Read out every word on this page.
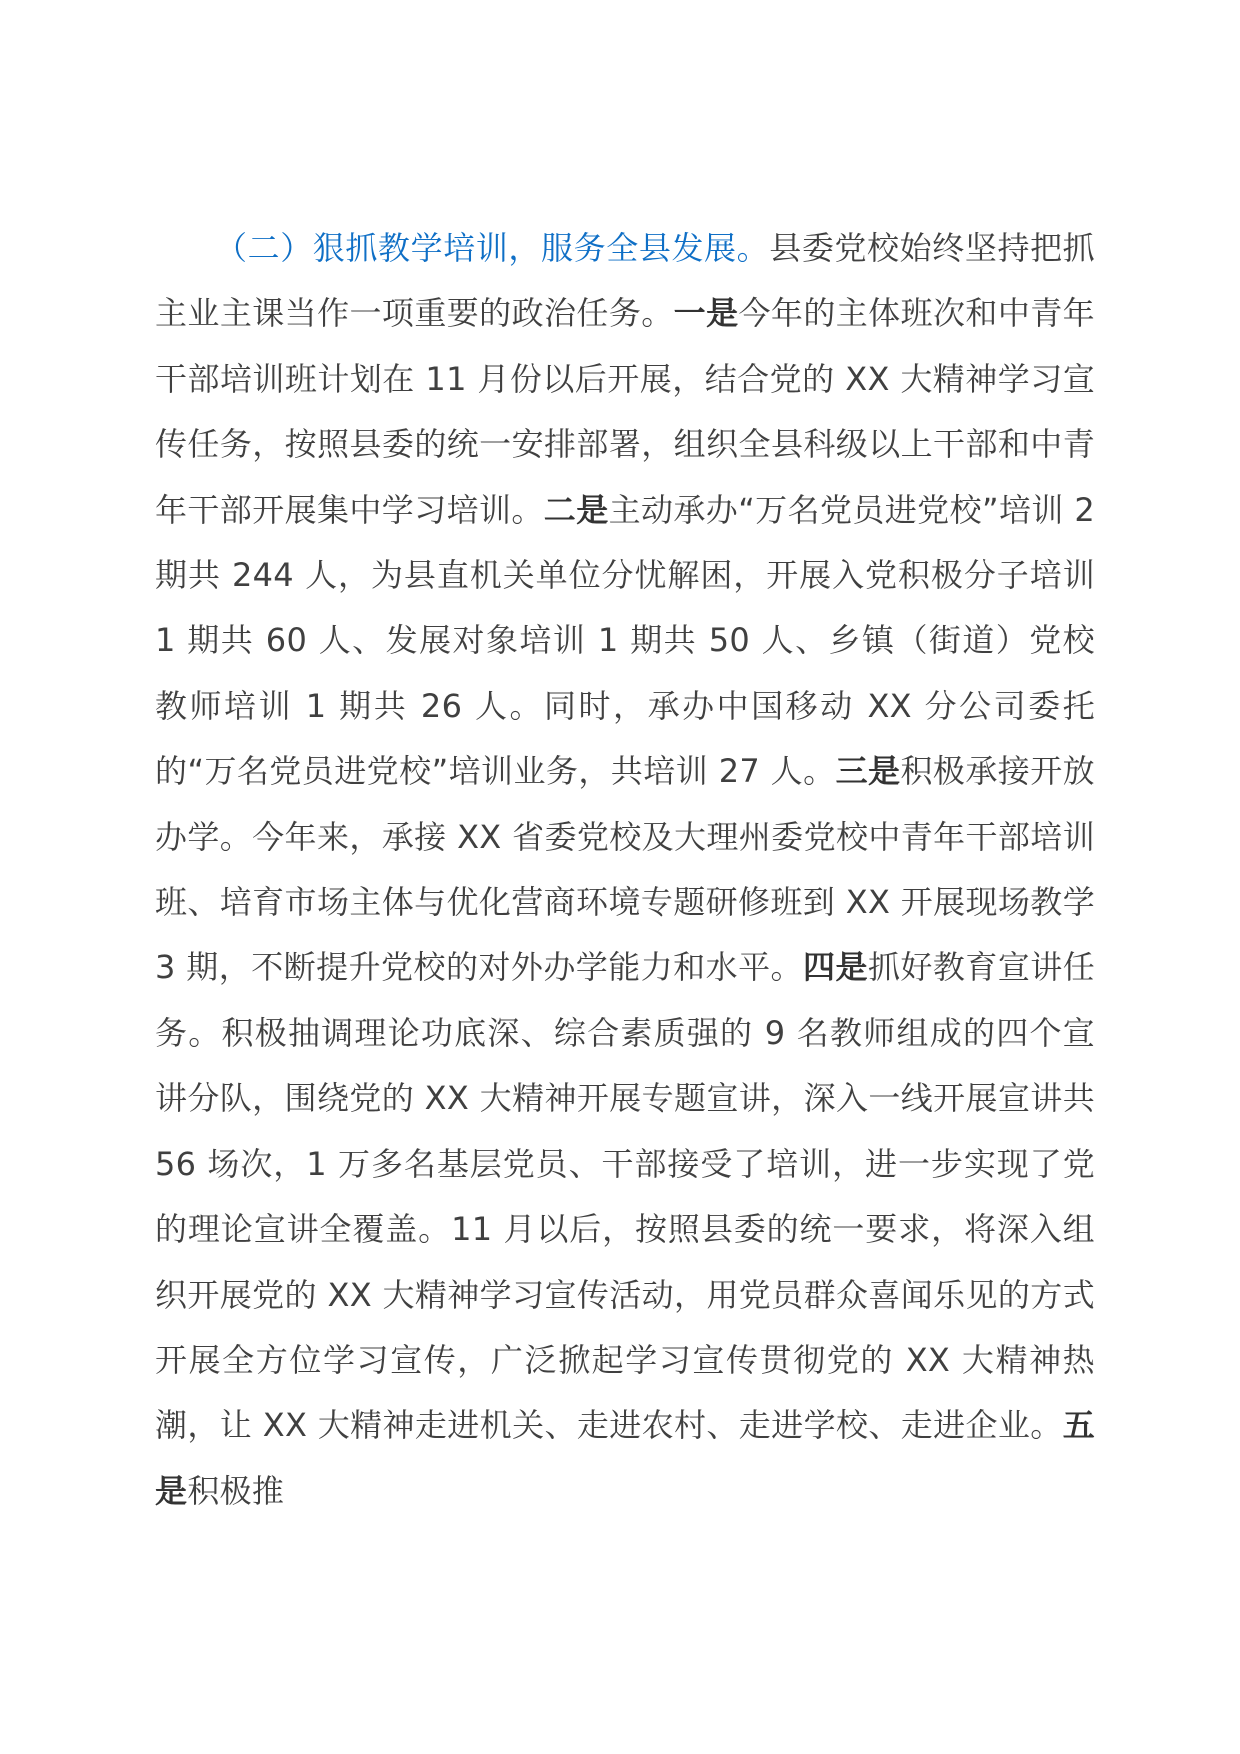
（二）狠抓教学培训，服务全县发展。县委党校始终坚持把抓主业主课当作一项重要的政治任务。一是今年的主体班次和中青年干部培训班计划在 11 月份以后开展，结合党的 XX 大精神学习宣传任务，按照县委的统一安排部署，组织全县科级以上干部和中青年干部开展集中学习培训。二是主动承办“万名党员进党校”培训 2 期共 244 人，为县直机关单位分忧解困，开展入党积极分子培训 1 期共 60 人、发展对象培训 1 期共 50 人、乡镇（街道）党校教师培训 1 期共 26 人。同时，承办中国移动 XX 分公司委托的“万名党员进党校”培训业务，共培训 27 人。三是积极承接开放办学。今年来，承接 XX 省委党校及大理州委党校中青年干部培训班、培育市场主体与优化营商环境专题研修班到 XX 开展现场教学 3 期，不断提升党校的对外办学能力和水平。四是抓好教育宣讲任务。积极抽调理论功底深、综合素质强的 9 名教师组成的四个宣讲分队，围绕党的 XX 大精神开展专题宣讲，深入一线开展宣讲共 56 场次，1 万多名基层党员、干部接受了培训，进一步实现了党的理论宣讲全覆盖。11 月以后，按照县委的统一要求，将深入组织开展党的 XX 大精神学习宣传活动，用党员群众喜闻乐见的方式开展全方位学习宣传，广泛掀起学习宣传贯彻党的 XX 大精神热潮，让 XX 大精神走进机关、走进农村、走进学校、走进企业。五是积极推
